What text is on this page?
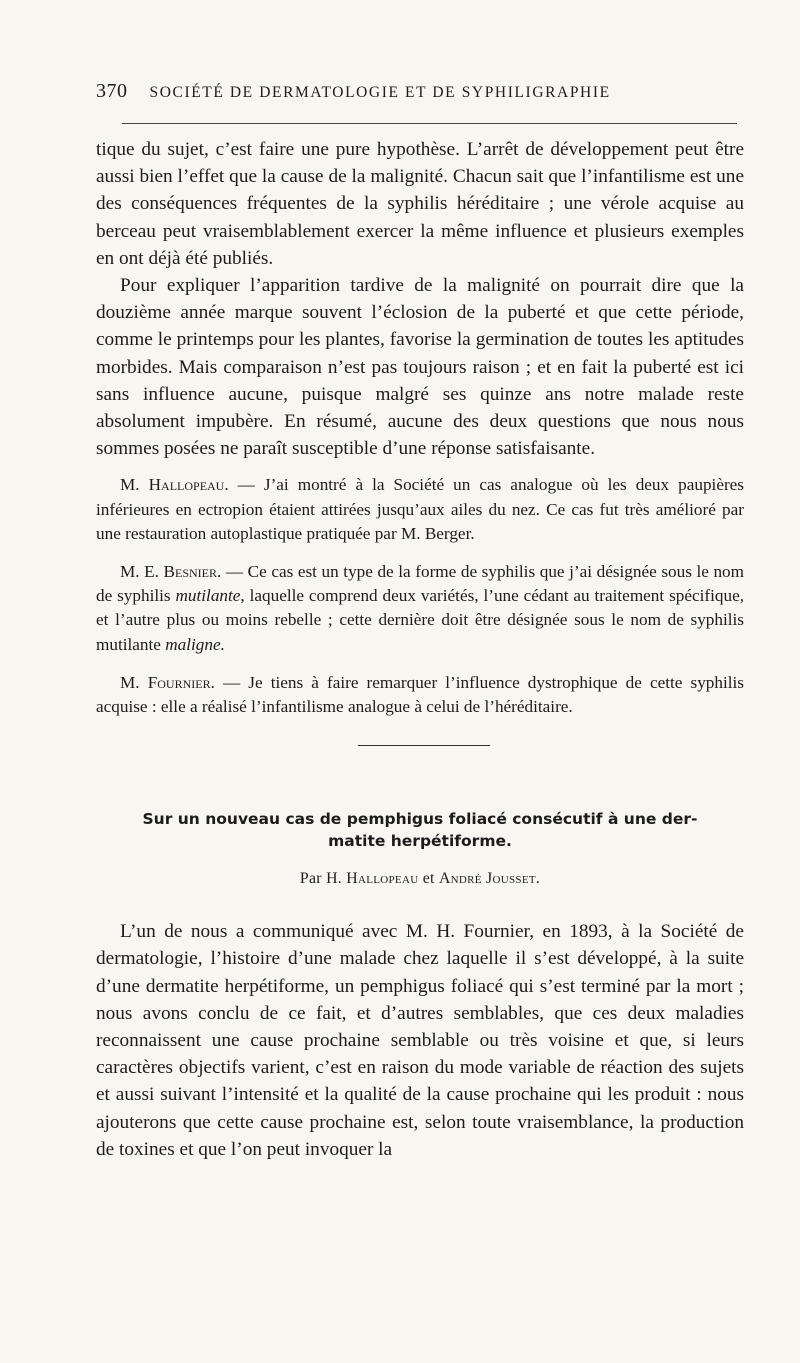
370 SOCIÉTÉ DE DERMATOLOGIE ET DE SYPHILIGRAPHIE

tique du sujet, c’est faire une pure hypothèse. L’arrêt de développement peut être aussi bien l’effet que la cause de la malignité. Chacun sait que l’infantilisme est une des conséquences fréquentes de la syphilis héréditaire ; une vérole acquise au berceau peut vraisemblablement exercer la même influence et plusieurs exemples en ont déjà été publiés.

Pour expliquer l’apparition tardive de la malignité on pourrait dire que la douzième année marque souvent l’éclosion de la puberté et que cette période, comme le printemps pour les plantes, favorise la germination de toutes les aptitudes morbides. Mais comparaison n’est pas toujours raison ; et en fait la puberté est ici sans influence aucune, puisque malgré ses quinze ans notre malade reste absolument impubère. En résumé, aucune des deux questions que nous nous sommes posées ne paraît susceptible d’une réponse satisfaisante.

M. Hallopeau. — J’ai montré à la Société un cas analogue où les deux paupières inférieures en ectropion étaient attirées jusqu’aux ailes du nez. Ce cas fut très amélioré par une restauration autoplastique pratiquée par M. Berger.

M. E. Besnier. — Ce cas est un type de la forme de syphilis que j’ai désignée sous le nom de syphilis mutilante, laquelle comprend deux variétés, l’une cédant au traitement spécifique, et l’autre plus ou moins rebelle ; cette dernière doit être désignée sous le nom de syphilis mutilante maligne.

M. Fournier. — Je tiens à faire remarquer l’influence dystrophique de cette syphilis acquise : elle a réalisé l’infantilisme analogue à celui de l’héréditaire.

Sur un nouveau cas de pemphigus foliacé consécutif à une der-
matite herpétiforme.
Par H. Hallopeau et André Jousset.

L’un de nous a communiqué avec M. H. Fournier, en 1893, à la Société de dermatologie, l’histoire d’une malade chez laquelle il s’est développé, à la suite d’une dermatite herpétiforme, un pemphigus foliacé qui s’est terminé par la mort ; nous avons conclu de ce fait, et d’autres semblables, que ces deux maladies reconnaissent une cause prochaine semblable ou très voisine et que, si leurs caractères objectifs varient, c’est en raison du mode variable de réaction des sujets et aussi suivant l’intensité et la qualité de la cause prochaine qui les produit : nous ajouterons que cette cause prochaine est, selon toute vraisemblance, la production de toxines et que l’on peut invoquer la
